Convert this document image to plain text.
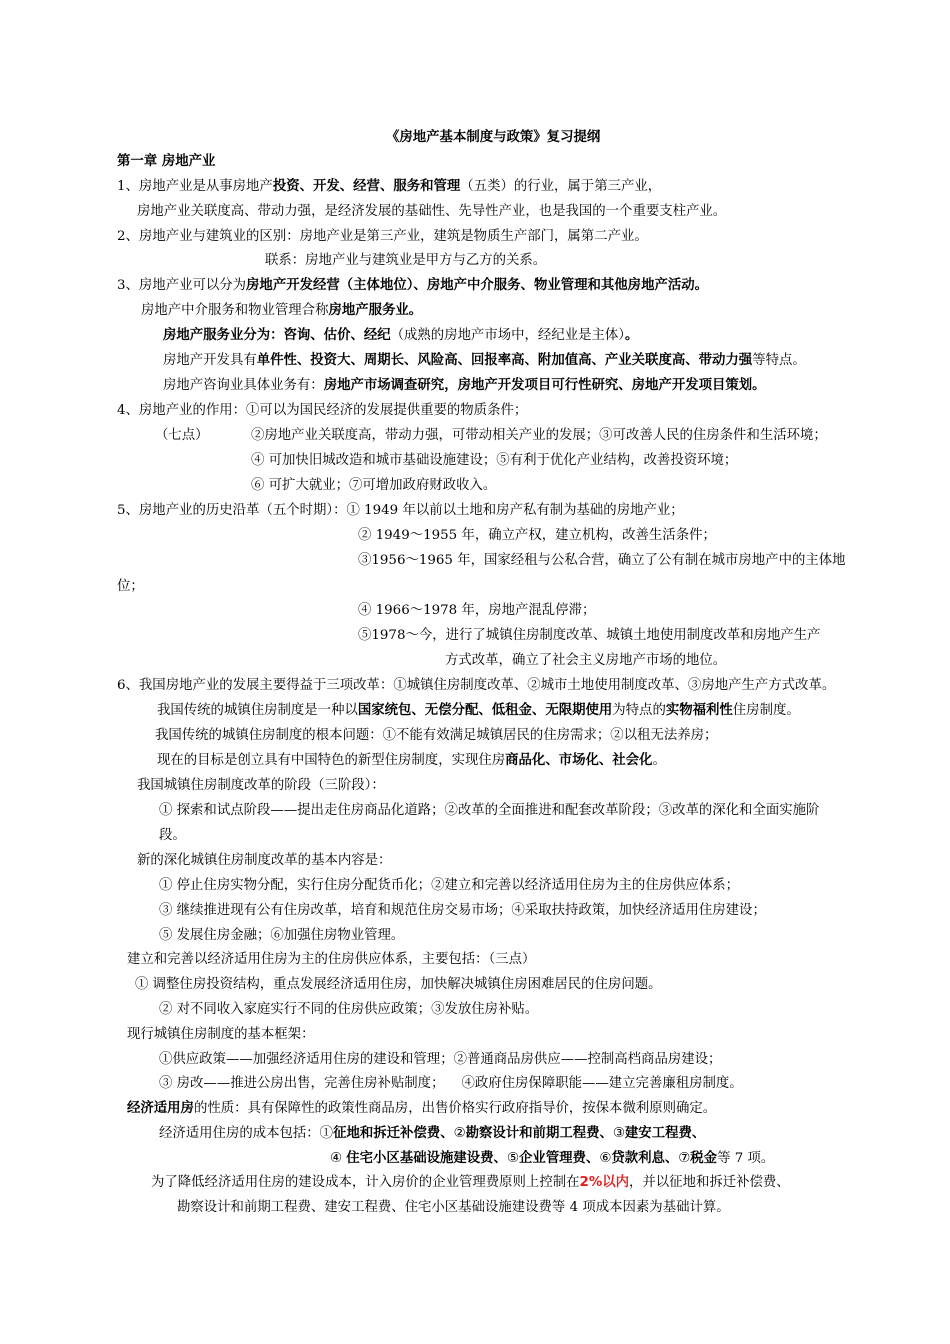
《房地产基本制度与政策》复习提纲
第一章 房地产业
1、房地产业是从事房地产投资、开发、经营、服务和管理（五类）的行业，属于第三产业，
房地产业关联度高、带动力强，是经济发展的基础性、先导性产业，也是我国的一个重要支柱产业。
2、房地产业与建筑业的区别：房地产业是第三产业，建筑是物质生产部门，属第二产业。
联系：房地产业与建筑业是甲方与乙方的关系。
3、房地产业可以分为房地产开发经营（主体地位）、房地产中介服务、物业管理和其他房地产活动。
房地产中介服务和物业管理合称房地产服务业。
房地产服务业分为：咨询、估价、经纪（成熟的房地产市场中，经纪业是主体）。
房地产开发具有单件性、投资大、周期长、风险高、回报率高、附加值高、产业关联度高、带动力强等特点。
房地产咨询业具体业务有：房地产市场调查研究，房地产开发项目可行性研究、房地产开发项目策划。
4、房地产业的作用：①可以为国民经济的发展提供重要的物质条件；
（七点）	②房地产业关联度高，带动力强，可带动相关产业的发展；③可改善人民的住房条件和生活环境；
④ 可加快旧城改造和城市基础设施建设；⑤有利于优化产业结构，改善投资环境；
⑥ 可扩大就业；⑦可增加政府财政收入。
5、房地产业的历史沿革（五个时期）：① 1949 年以前以土地和房产私有制为基础的房地产业；
② 1949～1955 年，确立产权，建立机构，改善生活条件；
③1956～1965 年，国家经租与公私合营，确立了公有制在城市房地产中的主体地
位；
④ 1966～1978 年，房地产混乱停滞；
⑤1978～今，进行了城镇住房制度改革、城镇土地使用制度改革和房地产生产
方式改革，确立了社会主义房地产市场的地位。
6、我国房地产业的发展主要得益于三项改革：①城镇住房制度改革、②城市土地使用制度改革、③房地产生产方式改革。
我国传统的城镇住房制度是一种以国家统包、无偿分配、低租金、无限期使用为特点的实物福利性住房制度。
我国传统的城镇住房制度的根本问题：①不能有效满足城镇居民的住房需求；②以租无法养房；
现在的目标是创立具有中国特色的新型住房制度，实现住房商品化、市场化、社会化。
我国城镇住房制度改革的阶段（三阶段）：
① 探索和试点阶段——提出走住房商品化道路；②改革的全面推进和配套改革阶段；③改革的深化和全面实施阶
段。
新的深化城镇住房制度改革的基本内容是：
① 停止住房实物分配，实行住房分配货币化；②建立和完善以经济适用住房为主的住房供应体系；
③ 继续推进现有公有住房改革，培育和规范住房交易市场；④采取扶持政策，加快经济适用住房建设；
⑤ 发展住房金融；⑥加强住房物业管理。
建立和完善以经济适用住房为主的住房供应体系，主要包括：（三点）
① 调整住房投资结构，重点发展经济适用住房，加快解决城镇住房困难居民的住房问题。
② 对不同收入家庭实行不同的住房供应政策；③发放住房补贴。
现行城镇住房制度的基本框架：
①供应政策——加强经济适用住房的建设和管理；②普通商品房供应——控制高档商品房建设；
③ 房改——推进公房出售，完善住房补贴制度；    ④政府住房保障职能——建立完善廉租房制度。
经济适用房的性质：具有保障性的政策性商品房，出售价格实行政府指导价，按保本微利原则确定。
经济适用住房的成本包括：①征地和拆迁补偿费、②勘察设计和前期工程费、③建安工程费、
④ 住宅小区基础设施建设费、⑤企业管理费、⑥贷款利息、⑦税金等 7 项。
为了降低经济适用住房的建设成本，计入房价的企业管理费原则上控制在2%以内，并以征地和拆迁补偿费、
勘察设计和前期工程费、建安工程费、住宅小区基础设施建设费等 4 项成本因素为基础计算。
